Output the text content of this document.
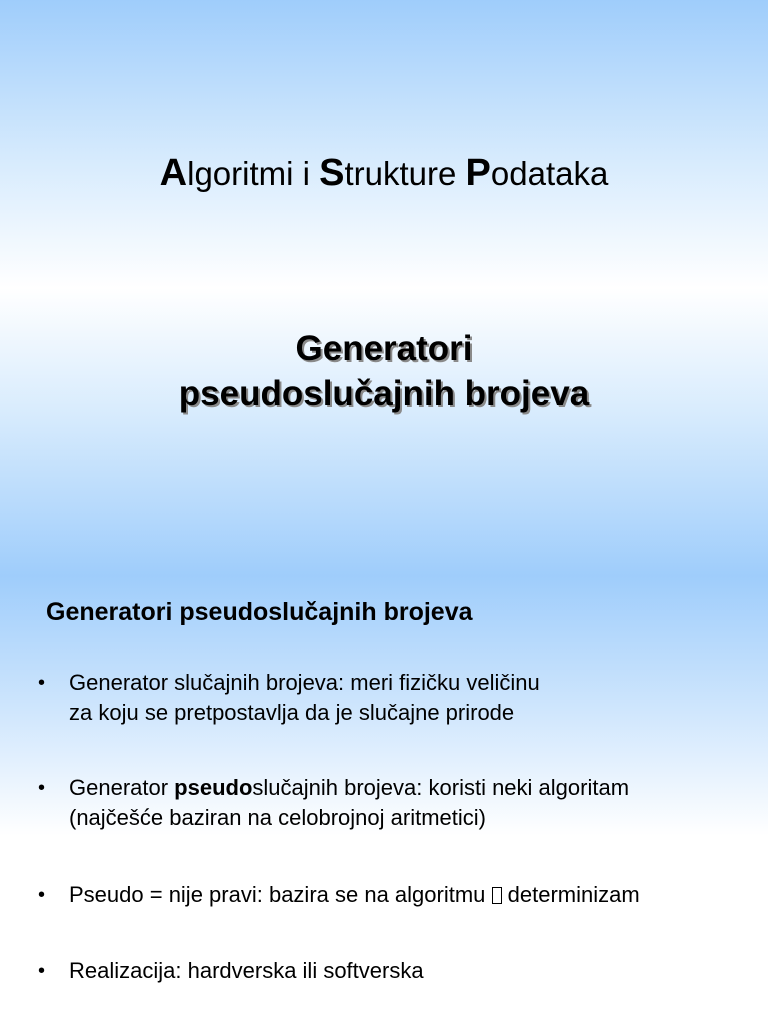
Algoritmi i Strukture Podataka
Generatori
pseudoslučajnih brojeva
Generatori pseudoslučajnih brojeva
• Generator slučajnih brojeva: meri fizičku veličinu
za koju se pretpostavlja da je slučajne prirode
• Generator pseudoslučajnih brojeva: koristi neki algoritam
(najčešće baziran na celobrojnoj aritmetici)
• Pseudo = nije pravi: bazira se na algoritmu  determinizam
• Realizacija: hardverska ili softverska
